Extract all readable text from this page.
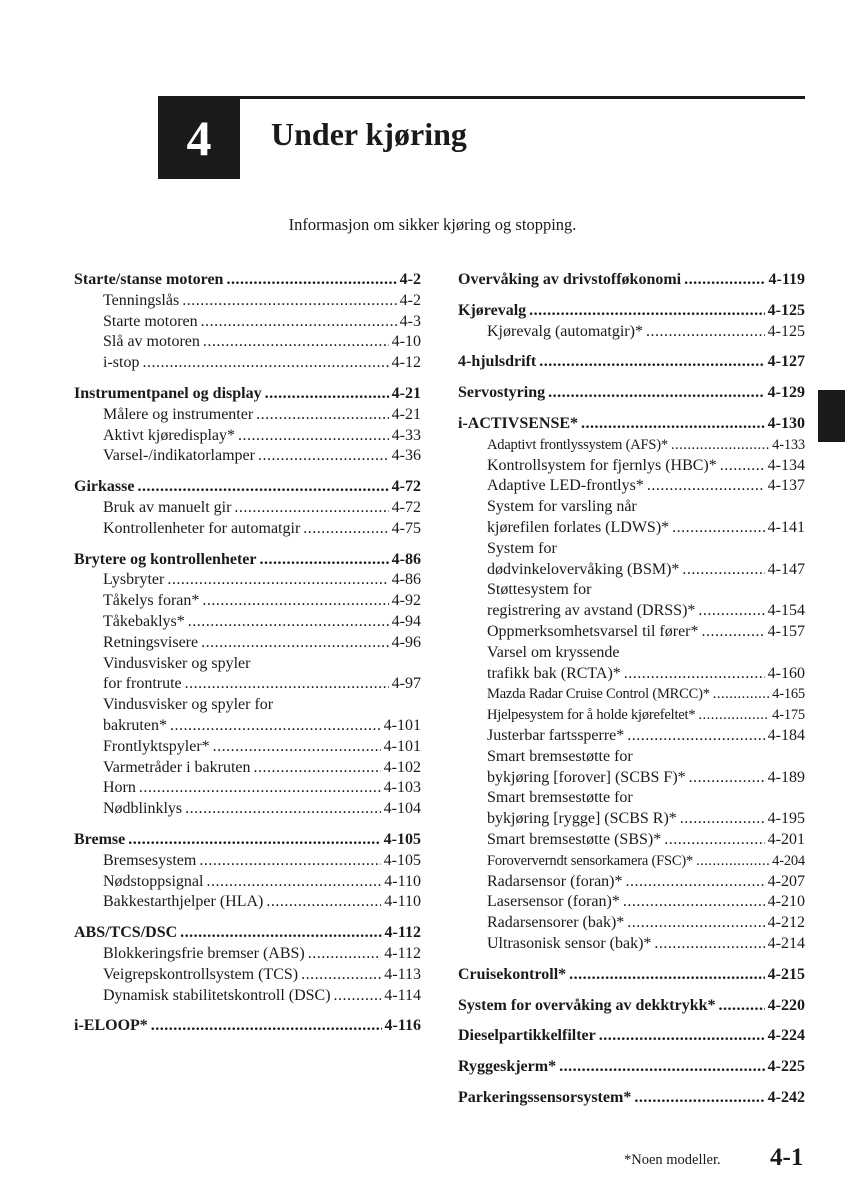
4 Under kjøring
Informasjon om sikker kjøring og stopping.
Starte/stanse motoren .....	4-2
Tenningslås .....	4-2
Starte motoren .....	4-3
Slå av motoren .....	4-10
i-stop .....	4-12
Instrumentpanel og display .....	4-21
Målere og instrumenter .....	4-21
Aktivt kjøredisplay* .....	4-33
Varsel-/indikatorlamper .....	4-36
Girkasse .....	4-72
Bruk av manuelt gir .....	4-72
Kontrollenheter for automatgir .....	4-75
Brytere og kontrollenheter .....	4-86
Lysbryter .....	4-86
Tåkelys foran* .....	4-92
Tåkebaklys* .....	4-94
Retningsvisere .....	4-96
Vindusvisker og spyler
for frontrute .....	4-97
Vindusvisker og spyler for
bakruten* .....	4-101
Frontlyktspyler* .....	4-101
Varmetråder i bakruten .....	4-102
Horn .....	4-103
Nødblinklys .....	4-104
Bremse .....	4-105
Bremsesystem .....	4-105
Nødstoppsignal .....	4-110
Bakkestarthjelper (HLA) .....	4-110
ABS/TCS/DSC .....	4-112
Blokkeringsfrie bremser (ABS) .....	4-112
Veigrepskontrollsystem (TCS) .....	4-113
Dynamisk stabilitetskontroll (DSC) .....	4-114
i-ELOOP* .....	4-116
Overvåking av drivstofføkonomi .....	4-119
Kjørevalg .....	4-125
Kjørevalg (automatgir)* .....	4-125
4-hjulsdrift .....	4-127
Servostyring .....	4-129
i-ACTIVSENSE* .....	4-130
Adaptivt frontlyssystem (AFS)* .....	4-133
Kontrollsystem for fjernlys (HBC)* .....	4-134
Adaptive LED-frontlys* .....	4-137
System for varsling når
kjørefilen forlates (LDWS)* .....	4-141
System for
dødvinkelovervåking (BSM)* .....	4-147
Støttesystem for
registrering av avstand (DRSS)* .....	4-154
Oppmerksomhetsvarsel til fører* .....	4-157
Varsel om kryssende
trafikk bak (RCTA)* .....	4-160
Mazda Radar Cruise Control (MRCC)* .....	4-165
Hjelpesystem for å holde kjørefeltet* .....	4-175
Justerbar fartssperre* .....	4-184
Smart bremsestøtte for
bykjøring [forover] (SCBS F)* .....	4-189
Smart bremsestøtte for
bykjøring [rygge] (SCBS R)* .....	4-195
Smart bremsestøtte (SBS)* .....	4-201
Foroververndt sensorkamera (FSC)* .....	4-204
Radarsensor (foran)* .....	4-207
Lasersensor (foran)* .....	4-210
Radarsensorer (bak)* .....	4-212
Ultrasonisk sensor (bak)* .....	4-214
Cruisekontroll* .....	4-215
System for overvåking av dekktrykk* .....	4-220
Dieselpartikkelfilter .....	4-224
Ryggeskjerm* .....	4-225
Parkeringssensorsystem* .....	4-242
*Noen modeller. 4-1
